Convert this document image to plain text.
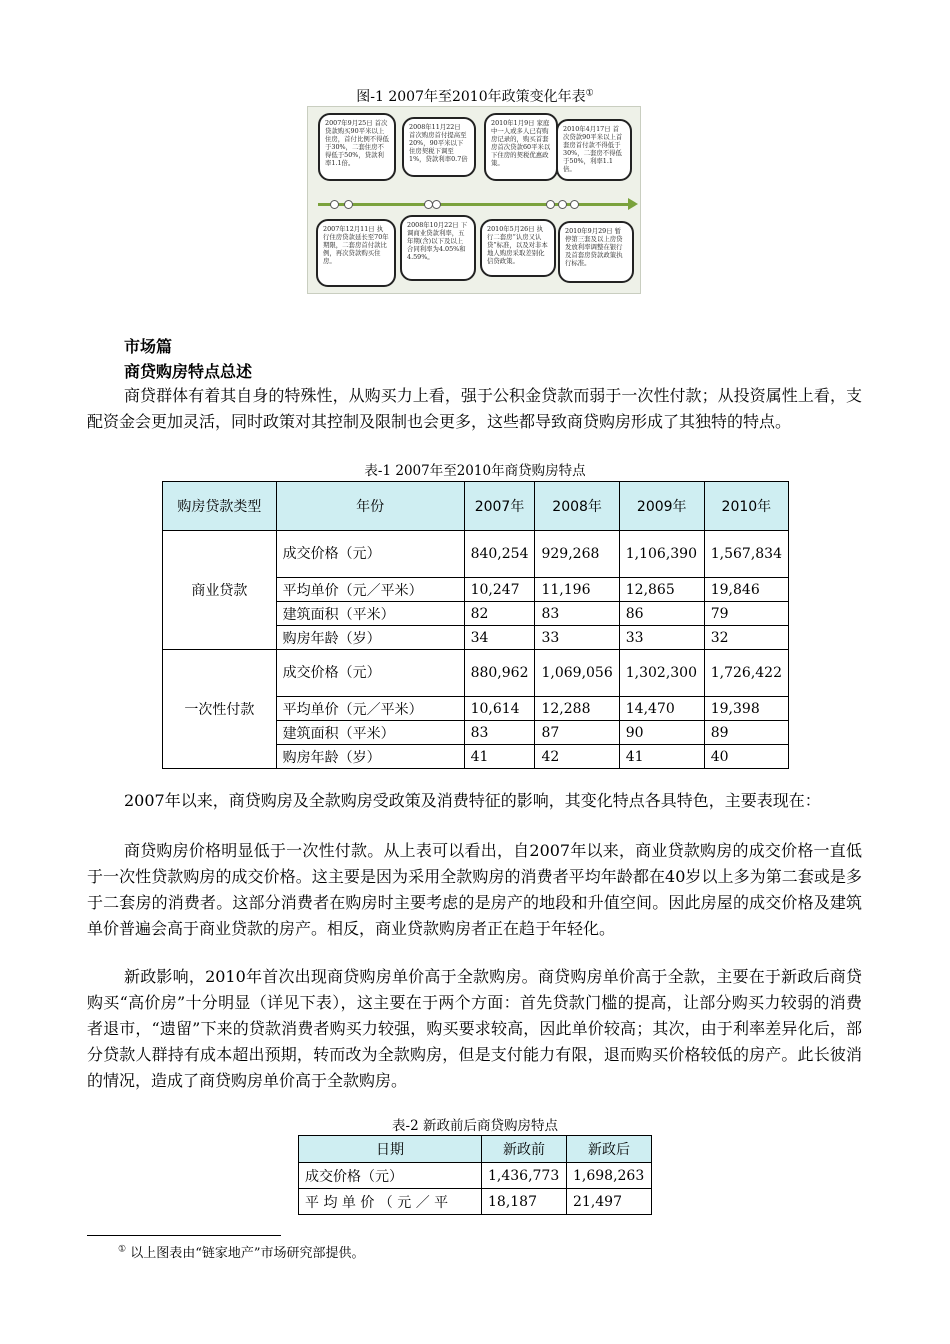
图-1 2007年至2010年政策变化年表①
2007年9月25日 首次贷款购买90平米以上住房，首付比例不得低于30%，二套住房不得低于50%，贷款利率1.1倍。
2008年11月22日 首次购房首付提高至20%，90平米以下住房契税下调至1%，贷款利率0.7倍
2010年1月9日 家庭中一人或多人已有购房记录的，购买首套房首次贷款60平米以下住房的契税优惠政策。
2010年4月17日 首次贷款90平米以上首套房首付款不得低于30%，二套房不得低于50%，利率1.1倍。
2007年12月11日 执行住房贷款延长至70年期限，二套房首付款比例，再次贷款购买住房。
2008年10月22日 下调商业贷款利率，五年期(含)以下及以上合同利率为4.05%和4.59%。
2010年5月26日 执行二套房“认房又认贷”标准，以及对非本地人购房采取差别化信贷政策。
2010年9月29日 暂停第三套及以上房贷发放利率调整在银行及首套房贷款政策执行标准。
市场篇
商贷购房特点总述
商贷群体有着其自身的特殊性，从购买力上看，强于公积金贷款而弱于一次性付款；从投资属性上看，支配资金会更加灵活，同时政策对其控制及限制也会更多，这些都导致商贷购房形成了其独特的特点。
表-1 2007年至2010年商贷购房特点
购房贷款类型	年份	2007年	2008年	2009年	2010年
商业贷款	成交价格（元）	840,254	929,268	1,106,390	1,567,834
	平均单价（元／平米）	10,247	11,196	12,865	19,846
	建筑面积（平米）	82	83	86	79
	购房年龄（岁）	34	33	33	32
一次性付款	成交价格（元）	880,962	1,069,056	1,302,300	1,726,422
	平均单价（元／平米）	10,614	12,288	14,470	19,398
	建筑面积（平米）	83	87	90	89
	购房年龄（岁）	41	42	41	40
2007年以来，商贷购房及全款购房受政策及消费特征的影响，其变化特点各具特色，主要表现在：
商贷购房价格明显低于一次性付款。从上表可以看出，自2007年以来，商业贷款购房的成交价格一直低于一次性贷款购房的成交价格。这主要是因为采用全款购房的消费者平均年龄都在40岁以上多为第二套或是多于二套房的消费者。这部分消费者在购房时主要考虑的是房产的地段和升值空间。因此房屋的成交价格及建筑单价普遍会高于商业贷款的房产。相反，商业贷款购房者正在趋于年轻化。
新政影响，2010年首次出现商贷购房单价高于全款购房。商贷购房单价高于全款，主要在于新政后商贷购买“高价房”十分明显（详见下表），这主要在于两个方面：首先贷款门槛的提高，让部分购买力较弱的消费者退市，“遗留”下来的贷款消费者购买力较强，购买要求较高，因此单价较高；其次，由于利率差异化后，部分贷款人群持有成本超出预期，转而改为全款购房，但是支付能力有限，退而购买价格较低的房产。此长彼消的情况，造成了商贷购房单价高于全款购房。
表-2 新政前后商贷购房特点
日期	新政前	新政后
成交价格（元）	1,436,773	1,698,263
平 均 单 价 （ 元 ／ 平	18,187	21,497
① 以上图表由“链家地产”市场研究部提供。
